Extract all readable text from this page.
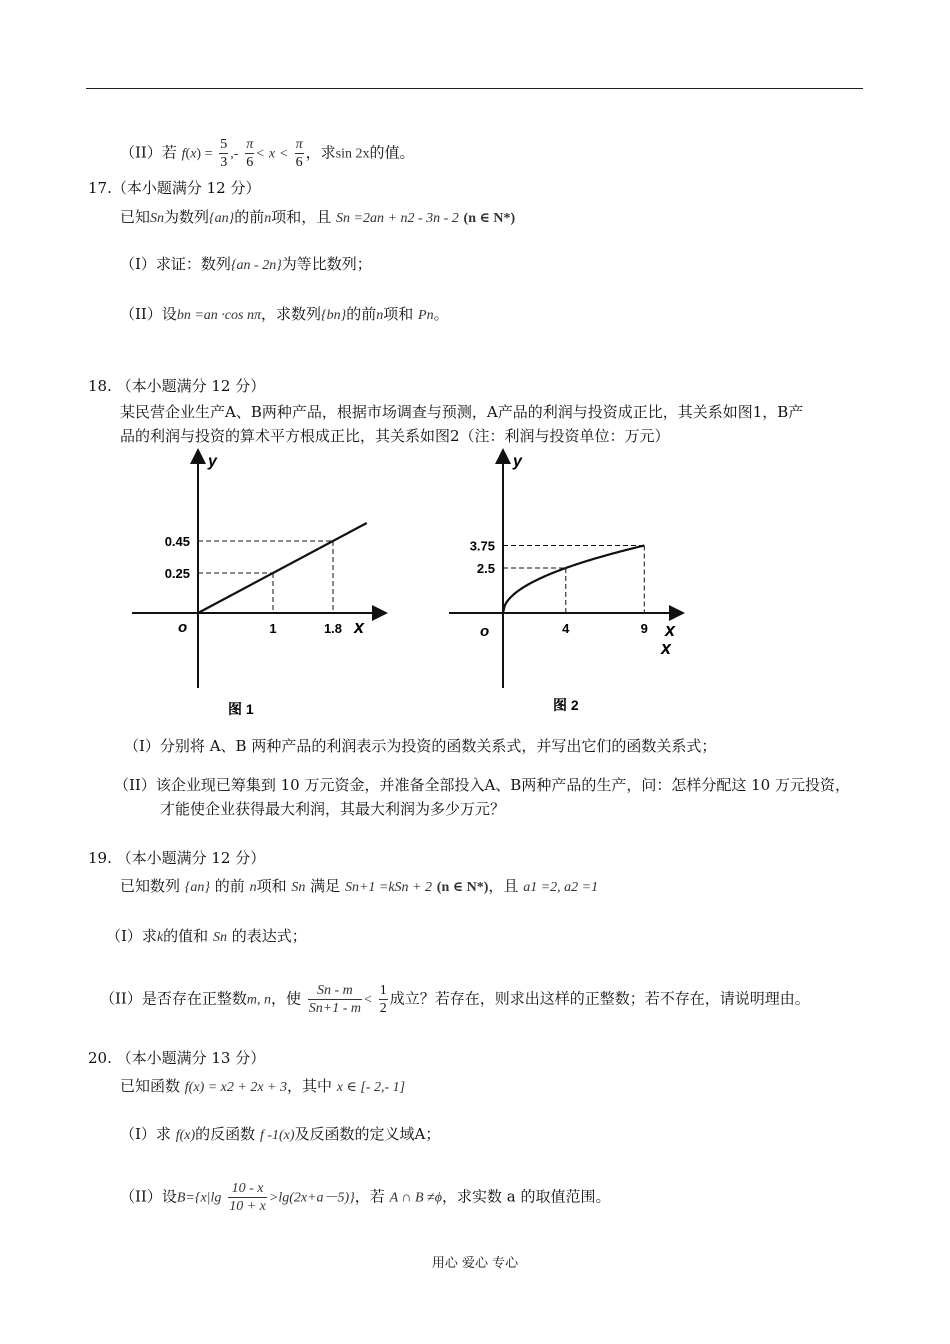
（II）若 $f(x) = \frac{5}{3}$ ,- $\frac{\pi}{6} < x < \frac{\pi}{6}$ ，求sin 2x的值。
17.（本小题满分 12 分）
已知Sn为数列{an}的前n项和，且 Sn =2an + n2 - 3n - 2 (n ∈ N*)
（I）求证：数列{an - 2n}为等比数列；
（II）设bn =an ·cos nπ，求数列{bn}的前n项和 Pn。
18. （本小题满分 12 分）
某民营企业生产A、B两种产品，根据市场调查与预测，A产品的利润与投资成正比，其关系如图1，B产
品的利润与投资的算术平方根成正比，其关系如图2（注：利润与投资单位：万元）
y
x
o	1
0.25
1.8
0.45
图 1
y
x
x
o	4
2.5
9
3.75
图 2
（I）分别将 A、B 两种产品的利润表示为投资的函数关系式，并写出它们的函数关系式；
（II）该企业现已筹集到 10 万元资金，并准备全部投入A、B两种产品的生产，问：怎样分配这 10 万元投资，
才能使企业获得最大利润，其最大利润为多少万元？
19. （本小题满分 12 分）
已知数列 {an} 的前 n项和 Sn 满足 Sn+1 =kSn + 2 (n ∈ N*)，且 a1 =2, a2 =1
（I）求k的值和 Sn 的表达式；
（II）是否存在正整数m, n，使 $\frac{Sn - m}{Sn+1 - m} < \frac{1}{2}$ 成立？若存在，则求出这样的正整数；若不存在，请说明理由。
20. （本小题满分 13 分）
已知函数 f(x) = x2 + 2x + 3，其中 x ∈ [- 2,- 1]
（I）求 f(x)的反函数 f -1(x)及反函数的定义域A；
（II）设$B=\{x|\lg \frac{10 - x}{10 + x} >\lg(2x+a-5)\}$，若 A ∩ B ≠ϕ，求实数 a 的取值范围。
用心 爱心 专心
